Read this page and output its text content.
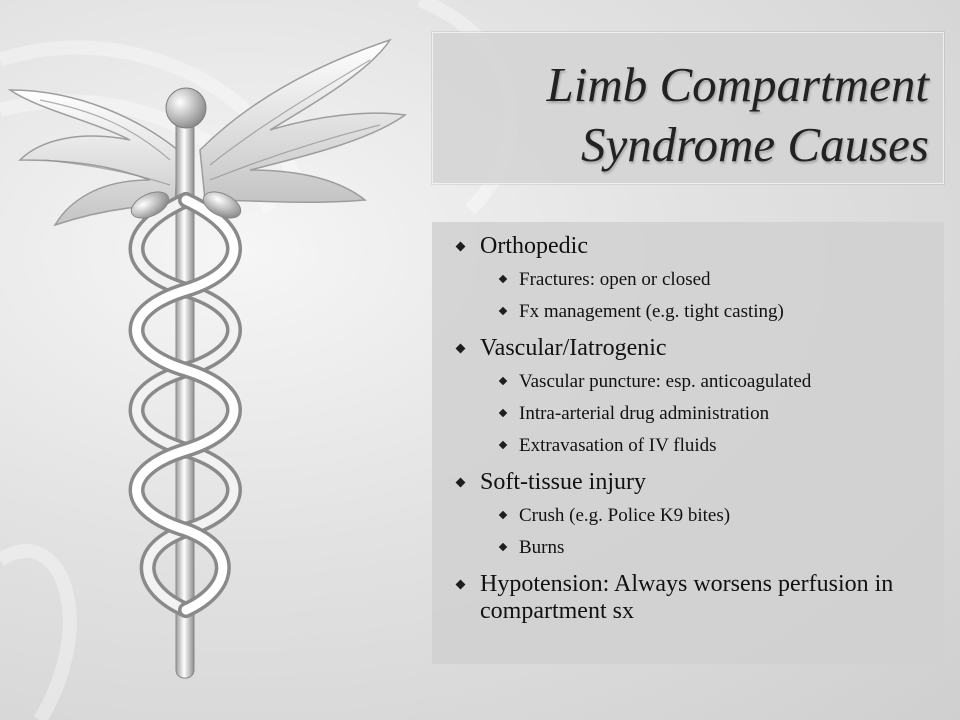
Limb Compartment
Syndrome Causes
Orthopedic
Fractures: open or closed
Fx management (e.g. tight casting)
Vascular/Iatrogenic
Vascular puncture: esp. anticoagulated
Intra-arterial drug administration
Extravasation of IV fluids
Soft-tissue injury
Crush (e.g. Police K9 bites)
Burns
Hypotension: Always worsens perfusion in compartment sx
